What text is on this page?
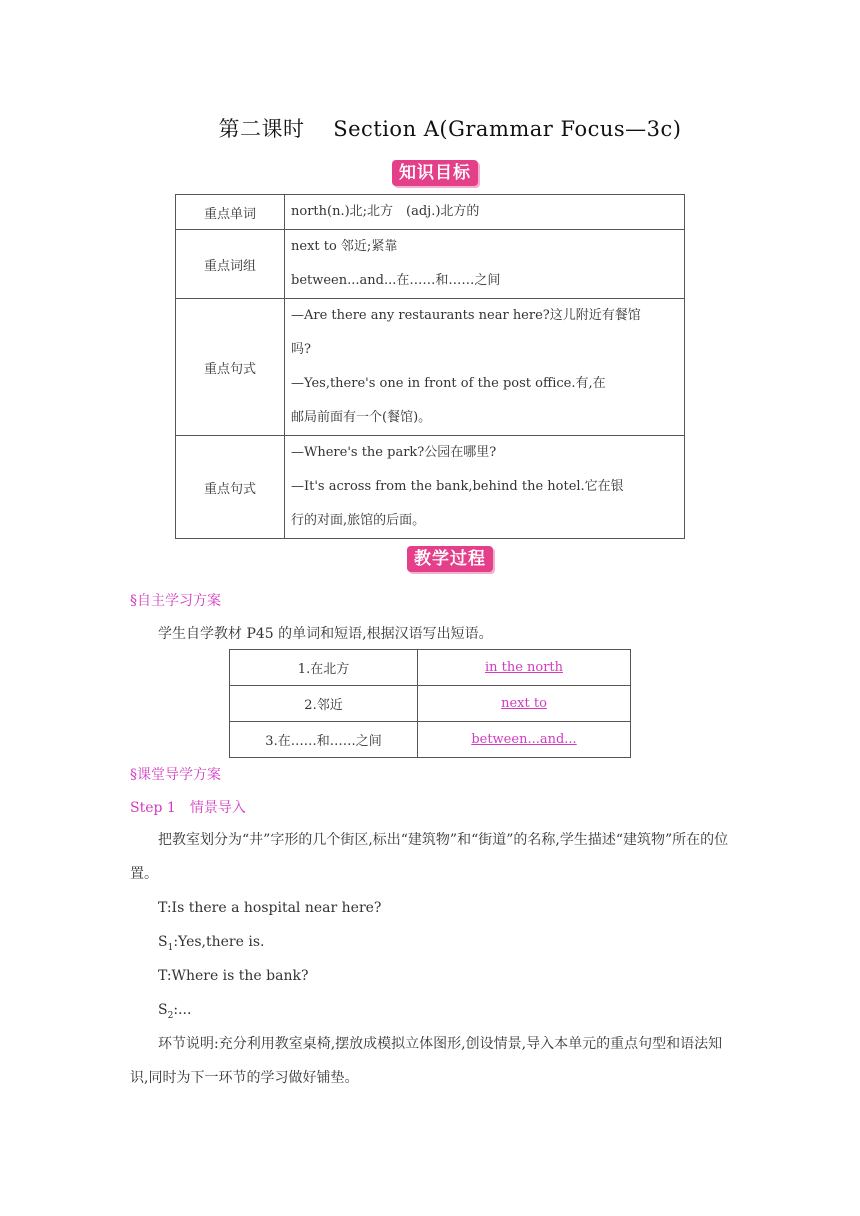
第二课时　 Section A(Grammar Focus—3c)
知识目标
重点单词	north(n.)北;北方　(adj.)北方的

重点词组	next to 邻近;紧靠
between...and...在……和……之间

重点句式	—Are there any restaurants near here?这儿附近有餐馆
吗?
—Yes,there's one in front of the post office.有,在
邮局前面有一个(餐馆)。

重点句式	—Where's the park?公园在哪里?
—It's across from the bank,behind the hotel.它在银
行的对面,旅馆的后面。
教学过程
§自主学习方案
学生自学教材 P45 的单词和短语,根据汉语写出短语。
1.在北方	in the north
2.邻近	next to
3.在……和……之间	between...and...
§课堂导学方案
Step 1　情景导入
把教室划分为“井”字形的几个街区,标出“建筑物”和“街道”的名称,学生描述“建筑物”所在的位置。
T:Is there a hospital near here?
$S_1:Yes,there$ is.
T:Where is the bank?
$S_2$:...
环节说明:充分利用教室桌椅,摆放成模拟立体图形,创设情景,导入本单元的重点句型和语法知识,同时为下一环节的学习做好铺垫。
